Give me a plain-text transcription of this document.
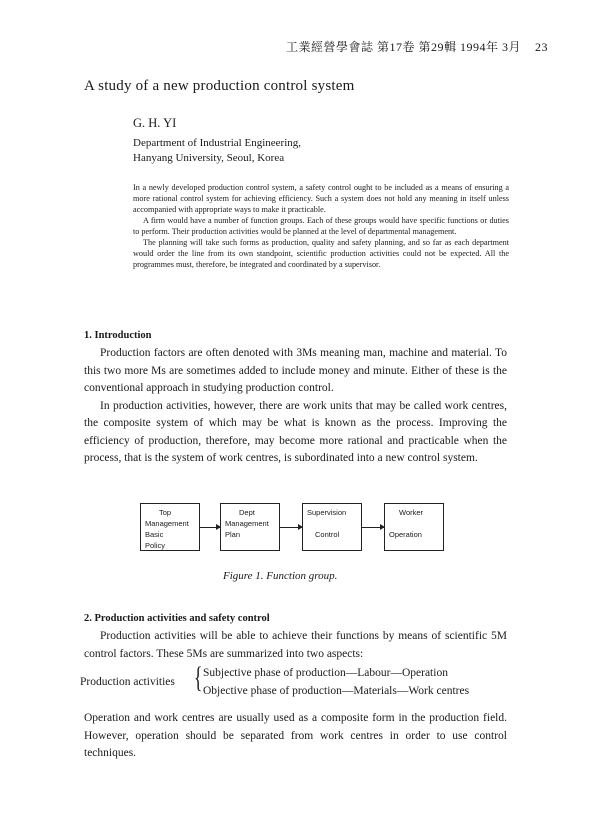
工業經營學會誌 第17卷 第29輯 1994年 3月 23
A study of a new production control system
G. H. YI
Department of Industrial Engineering,
Hanyang University, Seoul, Korea

In a newly developed production control system, a safety control ought to be included as a means of ensuring a more rational control system for achieving efficiency. Such a system does not hold any meaning in itself unless accompanied with appropriate ways to make it practicable.

A firm would have a number of function groups. Each of these groups would have specific functions or duties to perform. Their production activities would be planned at the level of departmental management.

The planning will take such forms as production, quality and safety planning, and so far as each department would order the line from its own standpoint, scientific production activities could not be expected. All the programmes must, therefore, be integrated and coordinated by a supervisor.

1. Introduction

Production factors are often denoted with 3Ms meaning man, machine and material. To this two more Ms are sometimes added to include money and minute. Either of these is the conventional approach in studying production control.

In production activities, however, there are work units that may be called work centres, the composite system of which may be what is known as the process. Improving the efficiency of production, therefore, may become more rational and practicable when the process, that is the system of work centres, is subordinated into a new control system.

Top
Management
Basic
Policy
Dept
Management
Plan
Supervision

Control
Worker

Operation
Figure 1. Function group.
2. Production activities and safety control

Production activities will be able to achieve their functions by means of scientific 5M control factors. These 5Ms are summarized into two aspects:

Production activities { Subjective phase of production—Labour—Operation
Objective phase of production—Materials—Work centres

Operation and work centres are usually used as a composite form in the production field. However, operation should be separated from work centres in order to use control techniques.
